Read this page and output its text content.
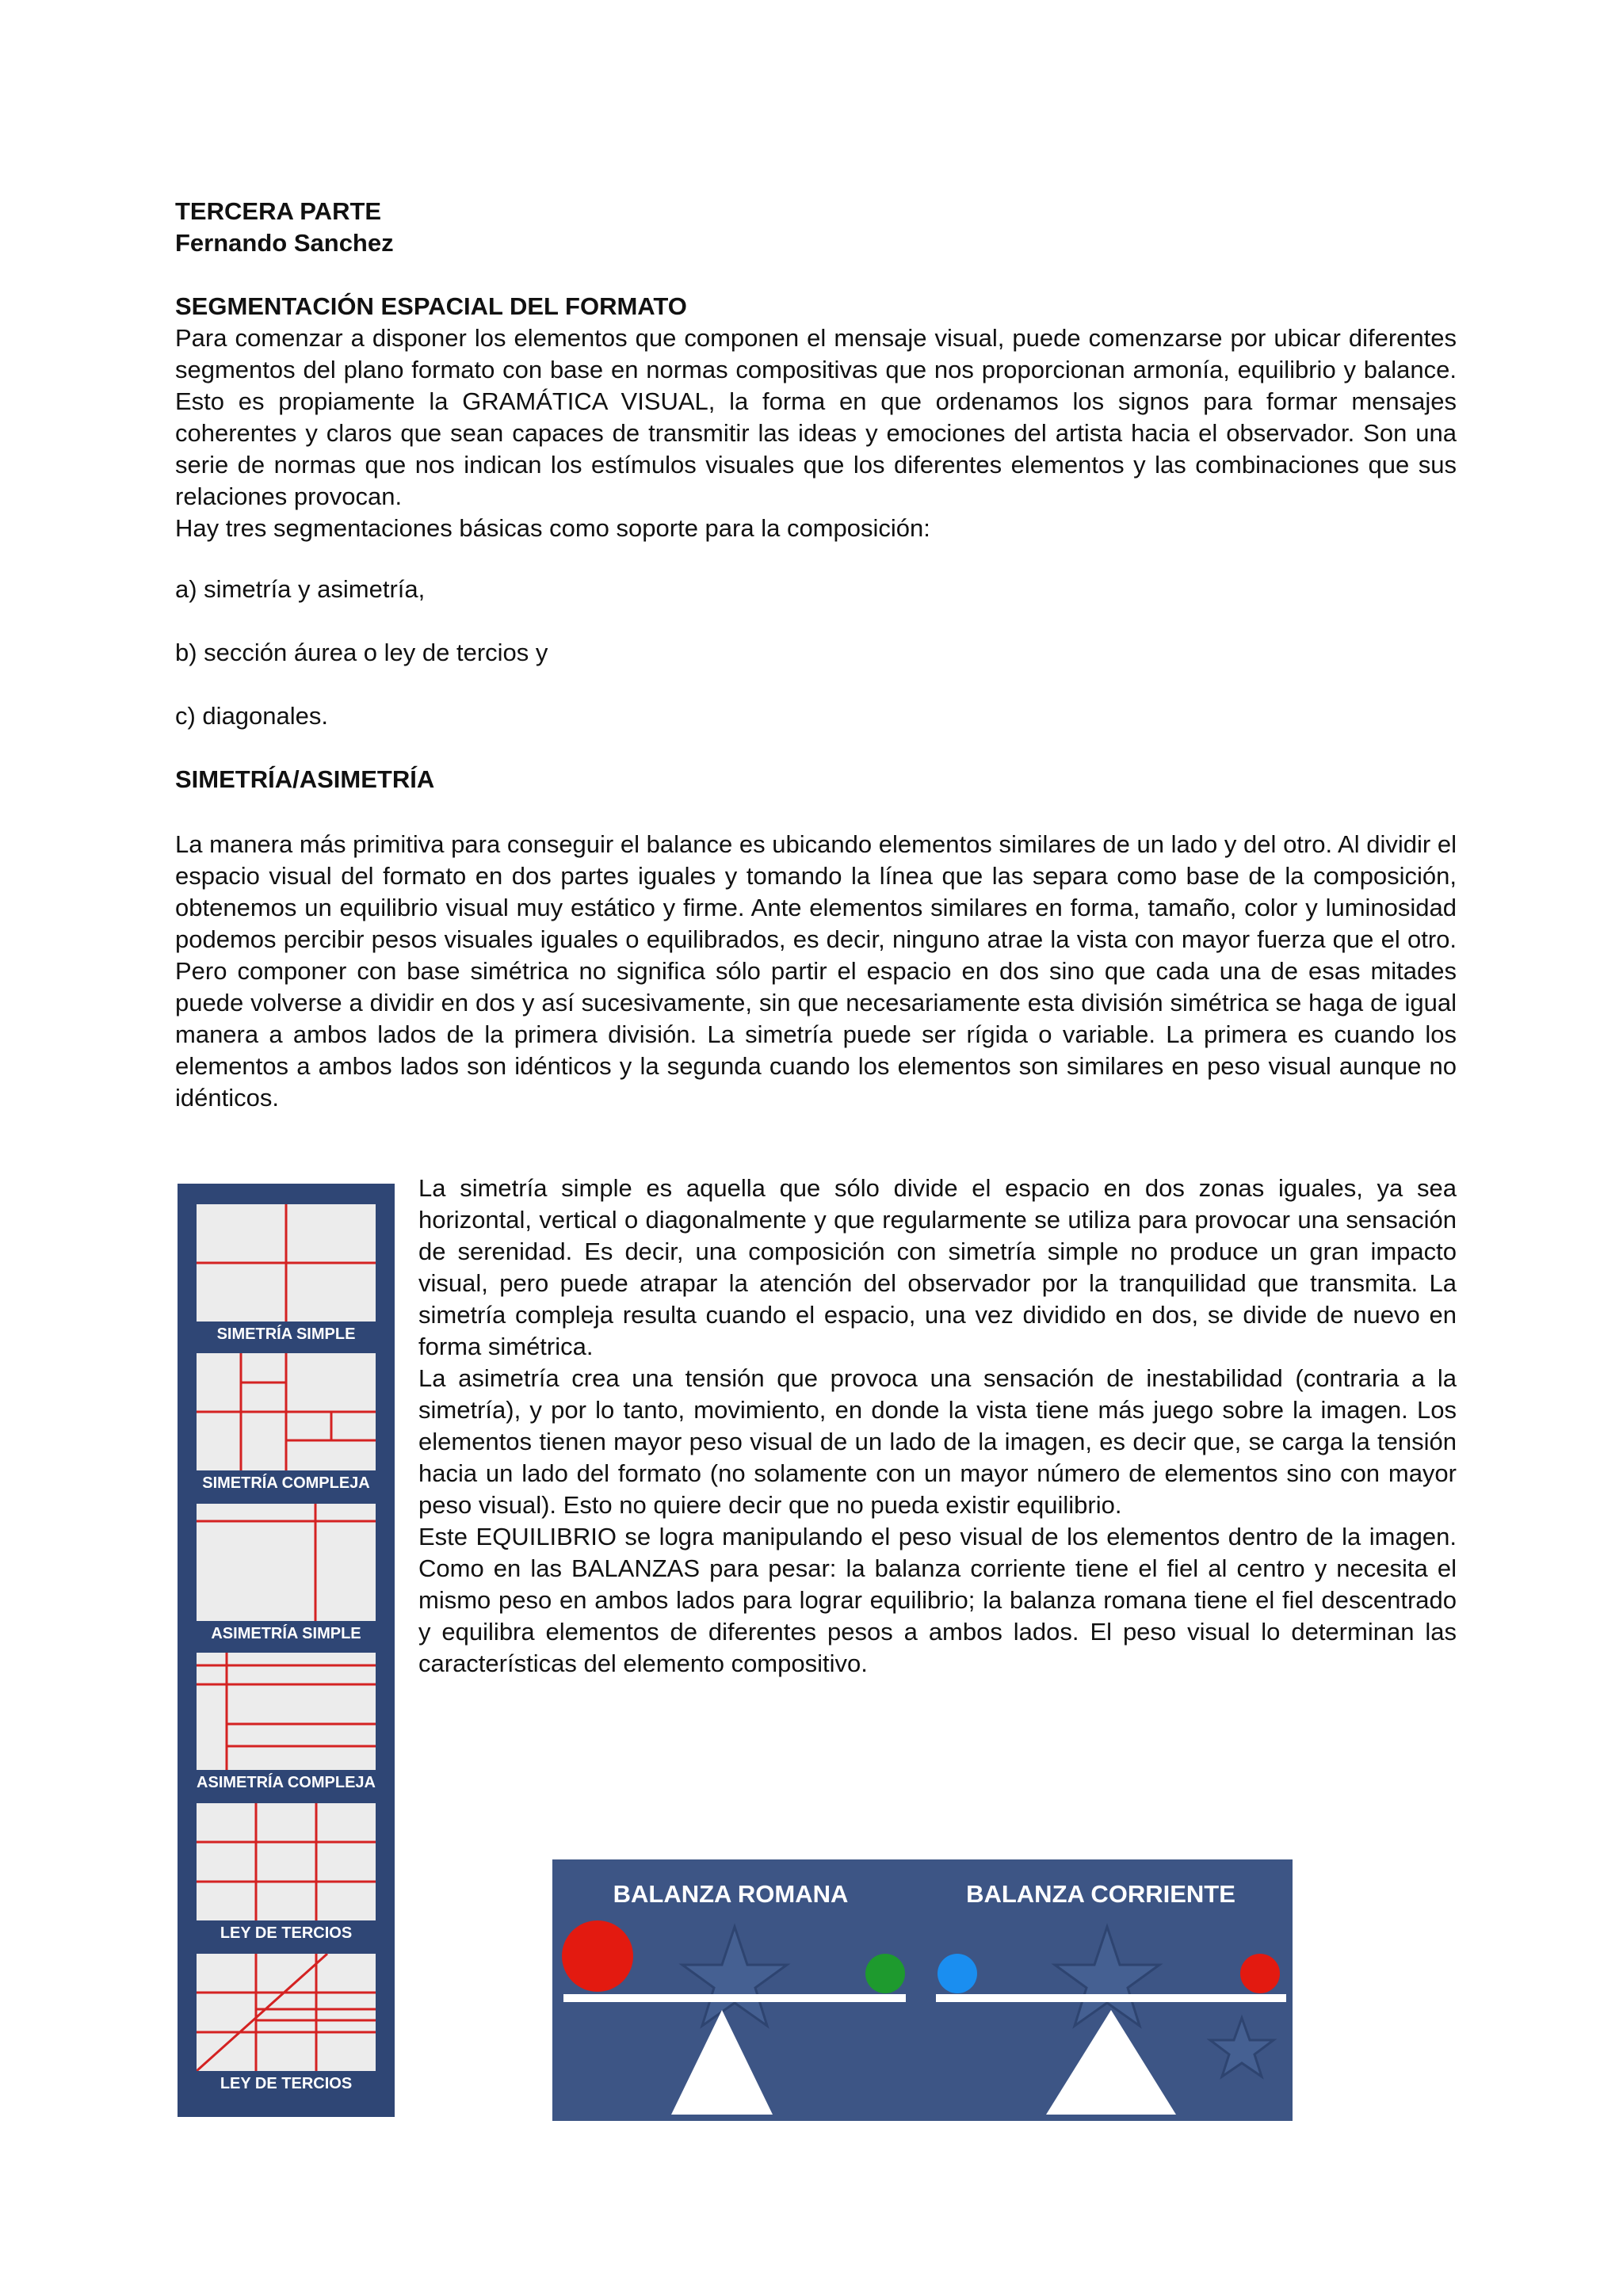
TERCERA PARTE

Fernando Sanchez

SEGMENTACIÓN ESPACIAL DEL FORMATO

Para comenzar a disponer los elementos que componen el mensaje visual, puede comenzarse por ubicar diferentes segmentos del plano formato con base en normas compositivas que nos proporcionan armonía, equilibrio y balance. Esto es propiamente la GRAMÁTICA VISUAL, la forma en que ordenamos los signos para formar mensajes coherentes y claros que sean capaces de transmitir las ideas y emociones del artista hacia el observador. Son una serie de normas que nos indican los estímulos visuales que los diferentes elementos y las combinaciones que sus relaciones provocan.

Hay tres segmentaciones básicas como soporte para la composición:

a) simetría y asimetría,

b) sección áurea o ley de tercios y

c) diagonales.

SIMETRÍA/ASIMETRÍA

La manera más primitiva para conseguir el balance es ubicando elementos similares de un lado y del otro. Al dividir el espacio visual del formato en dos partes iguales y tomando la línea que las separa como base de la composición, obtenemos un equilibrio visual muy estático y firme. Ante elementos similares en forma, tamaño, color y luminosidad podemos percibir pesos visuales iguales o equilibrados, es decir, ninguno atrae la vista con mayor fuerza que el otro. Pero componer con base simétrica no significa sólo partir el espacio en dos sino que cada una de esas mitades puede volverse a dividir en dos y así sucesivamente, sin que necesariamente esta división simétrica se haga de igual manera a ambos lados de la primera división. La simetría puede ser rígida o variable. La primera es cuando los elementos a ambos lados son idénticos y la segunda cuando los elementos son similares en peso visual aunque no idénticos.

SIMETRÍA SIMPLE
SIMETRÍA COMPLEJA
ASIMETRÍA SIMPLE
ASIMETRÍA COMPLEJA
LEY DE TERCIOS
LEY DE TERCIOS

La simetría simple es aquella que sólo divide el espacio en dos zonas iguales, ya sea horizontal, vertical o diagonalmente y que regularmente se utiliza para provocar una sensación de serenidad. Es decir, una composición con simetría simple no produce un gran impacto visual, pero puede atrapar la atención del observador por la tranquilidad que transmita. La simetría compleja resulta cuando el espacio, una vez dividido en dos, se divide de nuevo en forma simétrica.

La asimetría crea una tensión que provoca una sensación de inestabilidad (contraria a la simetría), y por lo tanto, movimiento, en donde la vista tiene más juego sobre la imagen. Los elementos tienen mayor peso visual de un lado de la imagen, es decir que, se carga la tensión hacia un lado del formato (no solamente con un mayor número de elementos sino con mayor peso visual). Esto no quiere decir que no pueda existir equilibrio.

Este EQUILIBRIO se logra manipulando el peso visual de los elementos dentro de la imagen. Como en las BALANZAS para pesar: la balanza corriente tiene el fiel al centro y necesita el mismo peso en ambos lados para lograr equilibrio; la balanza romana tiene el fiel descentrado y equilibra elementos de diferentes pesos a ambos lados. El peso visual lo determinan las características del elemento compositivo.

BALANZA ROMANA	BALANZA CORRIENTE
